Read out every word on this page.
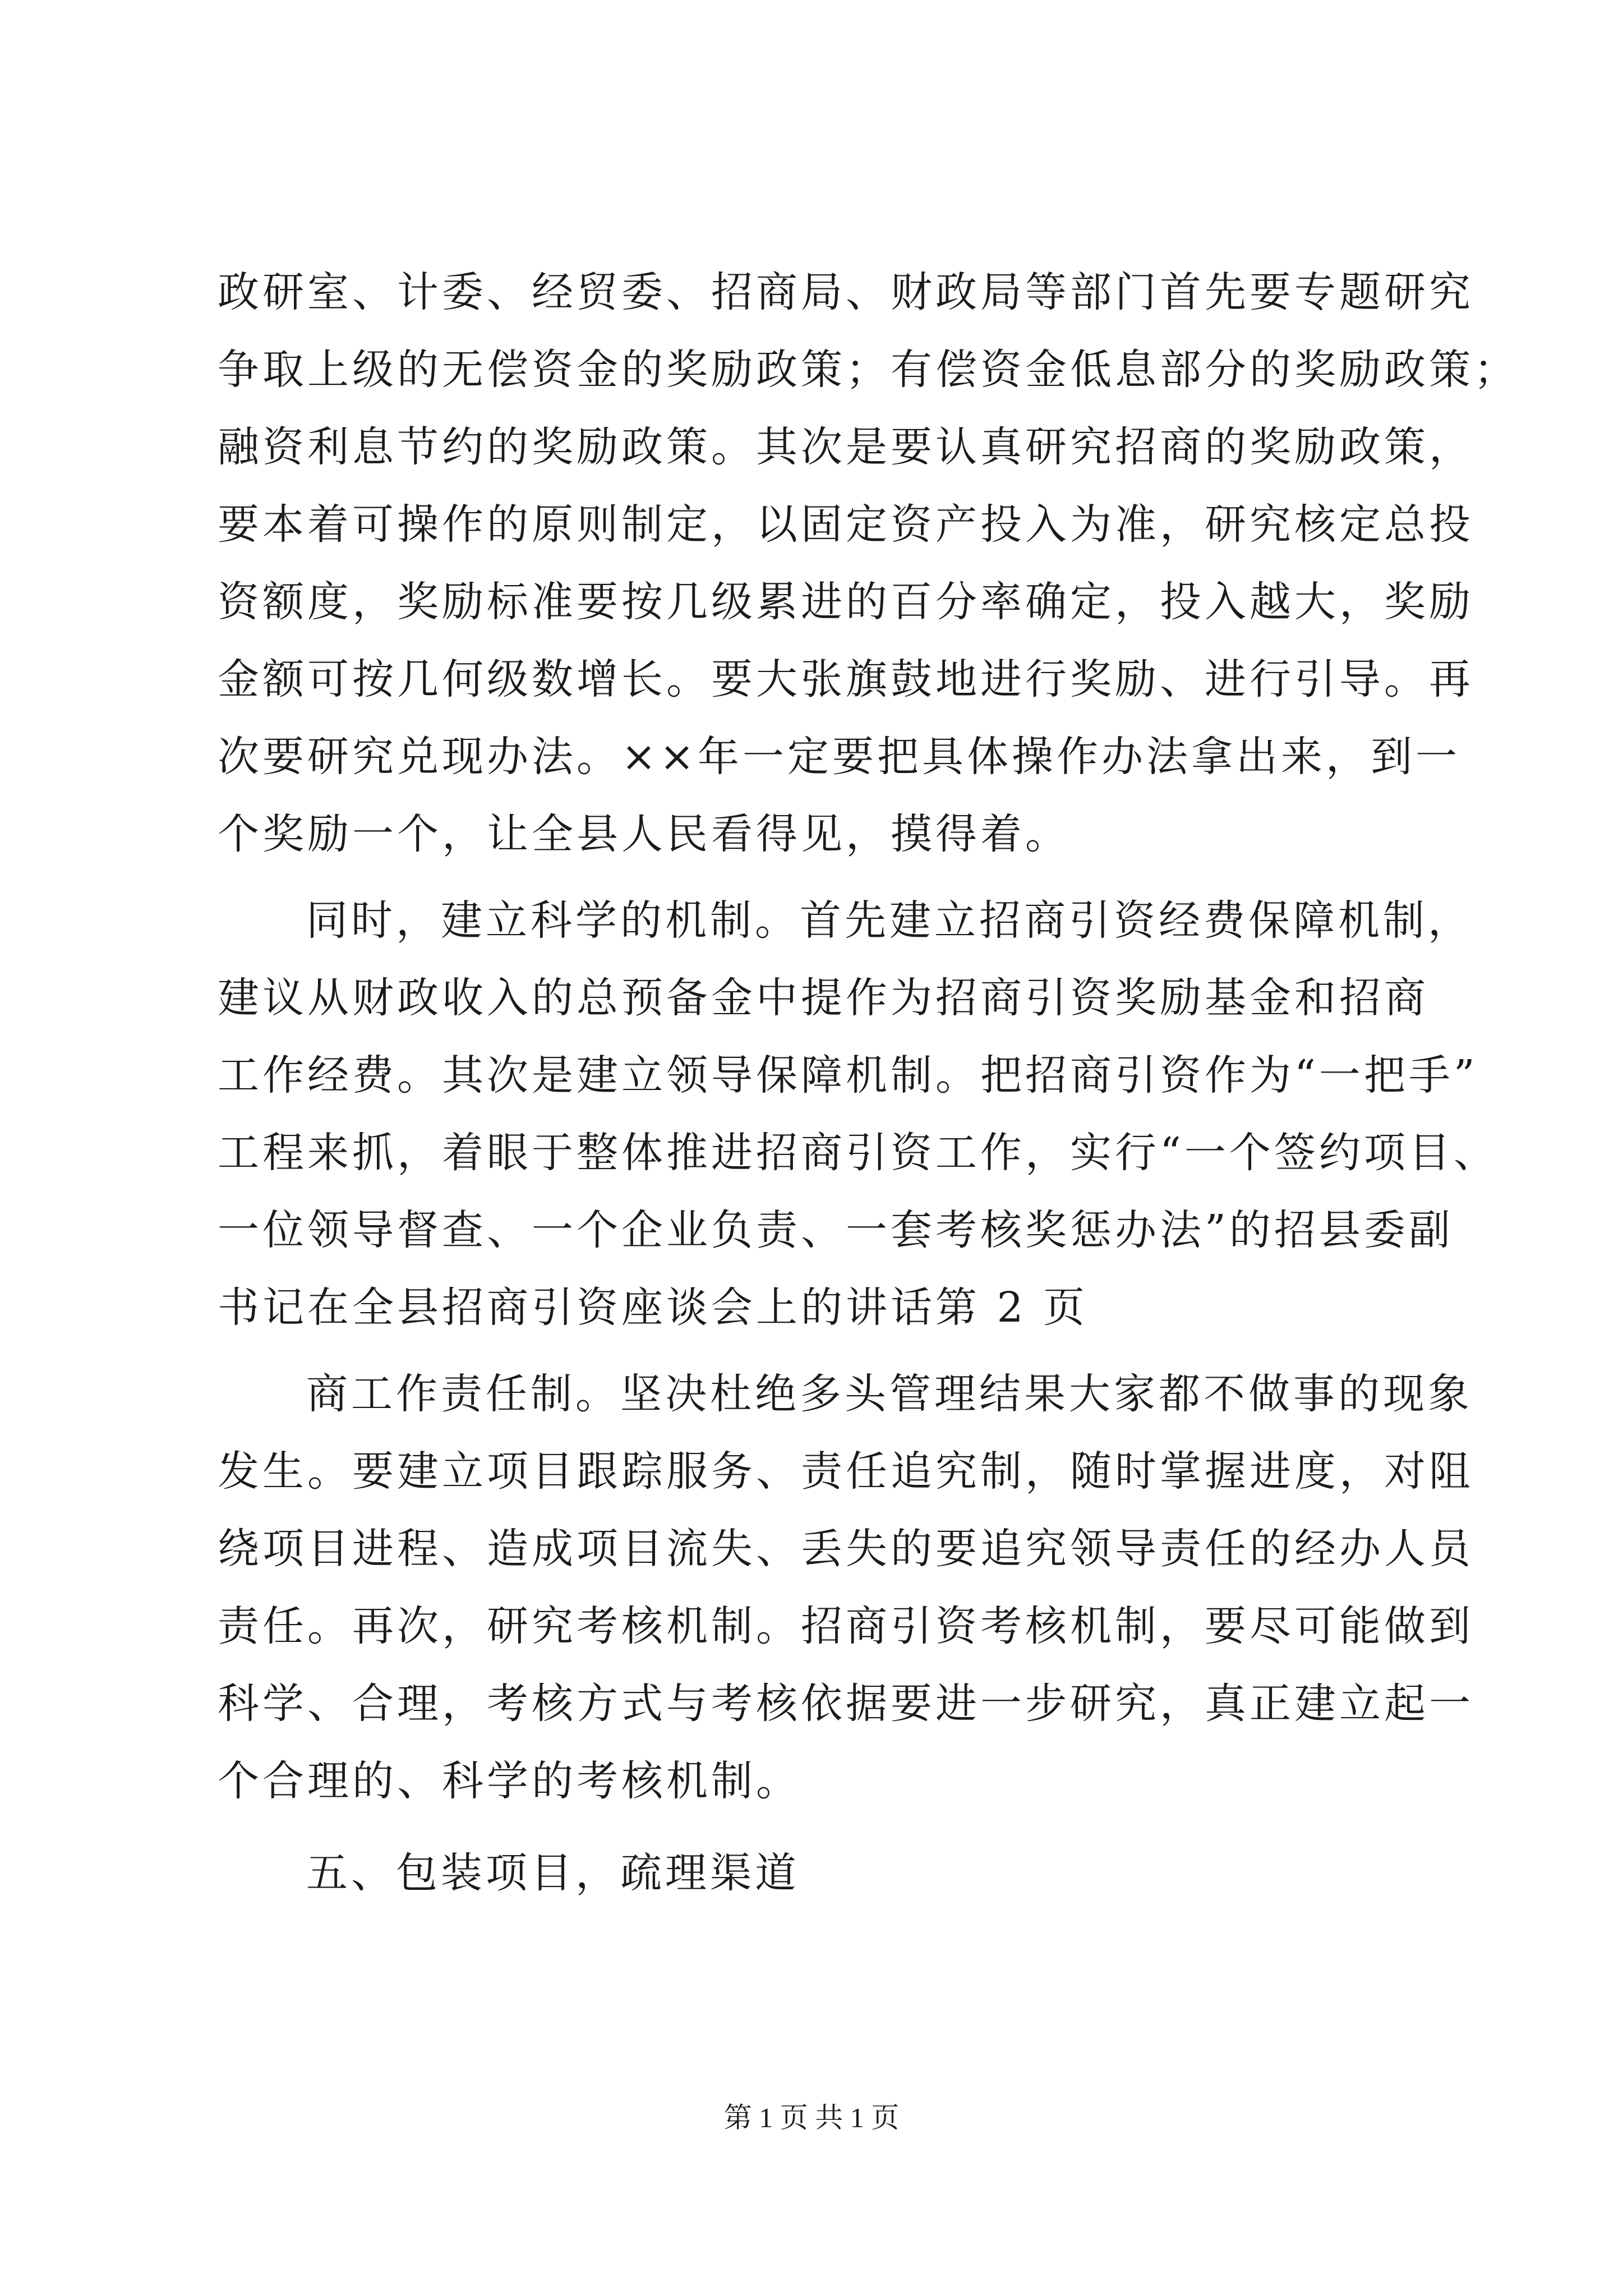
政研室、计委、经贸委、招商局、财政局等部门首先要专题研究
争取上级的无偿资金的奖励政策；有偿资金低息部分的奖励政策；
融资利息节约的奖励政策。其次是要认真研究招商的奖励政策，
要本着可操作的原则制定，以固定资产投入为准，研究核定总投
资额度，奖励标准要按几级累进的百分率确定，投入越大，奖励
金额可按几何级数增长。要大张旗鼓地进行奖励、进行引导。再
次要研究兑现办法。××年一定要把具体操作办法拿出来，到一
个奖励一个，让全县人民看得见，摸得着。
同时，建立科学的机制。首先建立招商引资经费保障机制，
建议从财政收入的总预备金中提作为招商引资奖励基金和招商
工作经费。其次是建立领导保障机制。把招商引资作为“一把手”
工程来抓，着眼于整体推进招商引资工作，实行“一个签约项目、
一位领导督查、一个企业负责、一套考核奖惩办法”的招县委副
书记在全县招商引资座谈会上的讲话第 2 页
商工作责任制。坚决杜绝多头管理结果大家都不做事的现象
发生。要建立项目跟踪服务、责任追究制，随时掌握进度，对阻
绕项目进程、造成项目流失、丢失的要追究领导责任的经办人员
责任。再次，研究考核机制。招商引资考核机制，要尽可能做到
科学、合理，考核方式与考核依据要进一步研究，真正建立起一
个合理的、科学的考核机制。
五、包装项目，疏理渠道
第 1 页 共 1 页
